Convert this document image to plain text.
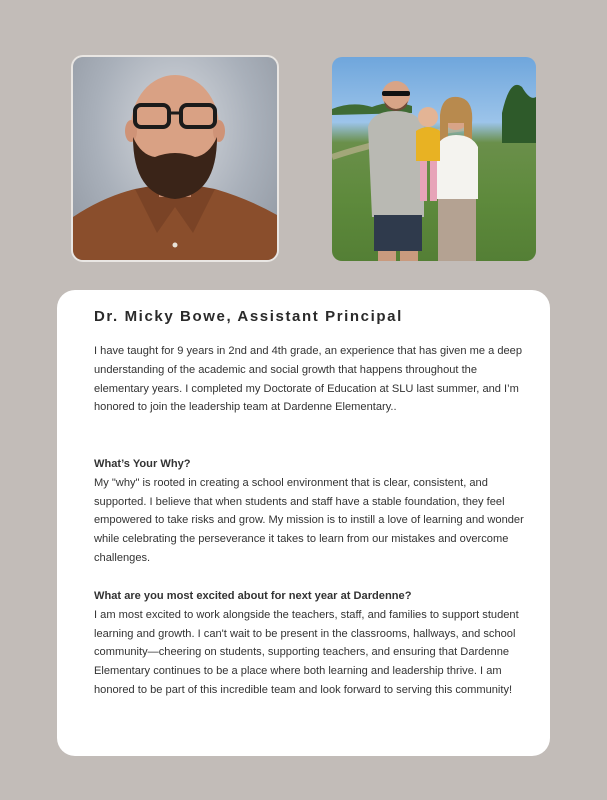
Dr. Micky Bowe, Assistant Principal

I have taught for 9 years in 2nd and 4th grade, an experience that has given me a deep understanding of the academic and social growth that happens throughout the elementary years. I completed my Doctorate of Education at SLU last summer, and I’m honored to join the leadership team at Dardenne Elementary..

What’s Your Why?
My "why" is rooted in creating a school environment that is clear, consistent, and supported. I believe that when students and staff have a stable foundation, they feel empowered to take risks and grow. My mission is to instill a love of learning and wonder while celebrating the perseverance it takes to learn from our mistakes and overcome challenges.
What are you most excited about for next year at Dardenne?
I am most excited to work alongside the teachers, staff, and families to support student learning and growth. I can't wait to be present in the classrooms, hallways, and school community—cheering on students, supporting teachers, and ensuring that Dardenne Elementary continues to be a place where both learning and leadership thrive. I am honored to be part of this incredible team and look forward to serving this community!
